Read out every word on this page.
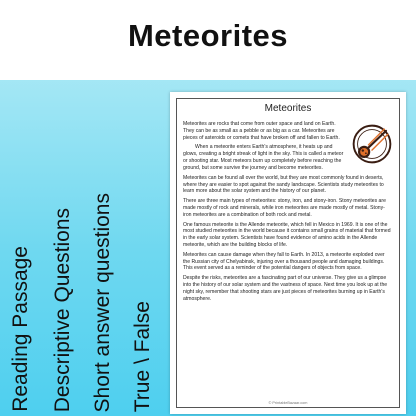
Meteorites
Reading Passage Descriptive Questions Short answer questions True \ False
Meteorites

Meteorites are rocks that come from outer space and land on Earth. They can be as small as a pebble or as big as a car. Meteorites are pieces of asteroids or comets that have broken off and fallen to Earth.

When a meteorite enters Earth's atmosphere, it heats up and glows, creating a bright streak of light in the sky. This is called a meteor or shooting star. Most meteors burn up completely before reaching the ground, but some survive the journey and become meteorites.

Meteorites can be found all over the world, but they are most commonly found in deserts, where they are easier to spot against the sandy landscape. Scientists study meteorites to learn more about the solar system and the history of our planet.

There are three main types of meteorites: stony, iron, and stony-iron. Stony meteorites are made mostly of rock and minerals, while iron meteorites are made mostly of metal. Stony-iron meteorites are a combination of both rock and metal.

One famous meteorite is the Allende meteorite, which fell in Mexico in 1969. It is one of the most studied meteorites in the world because it contains small grains of material that formed in the early solar system. Scientists have found evidence of amino acids in the Allende meteorite, which are the building blocks of life.

Meteorites can cause damage when they fall to Earth. In 2013, a meteorite exploded over the Russian city of Chelyabinsk, injuring over a thousand people and damaging buildings. This event served as a reminder of the potential dangers of objects from space.

Despite the risks, meteorites are a fascinating part of our universe. They give us a glimpse into the history of our solar system and the vastness of space. Next time you look up at the night sky, remember that shooting stars are just pieces of meteorites burning up in Earth's atmosphere.

© PrintableBazaar.com
